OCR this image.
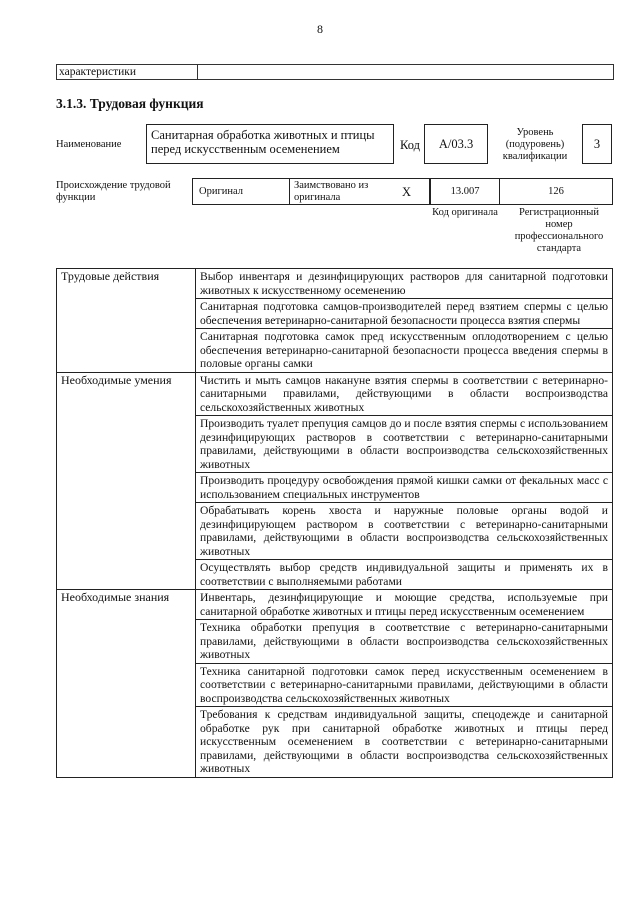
8
характеристики
3.1.3. Трудовая функция
Наименование
Санитарная обработка животных и птицы перед искусственным осеменением	Код	А/03.3
Уровень (подуровень) квалификации
3
Происхождение трудовой функции
Оригинал
Заимствовано из оригинала	X	13.007	126
Код оригинала	Регистрационный номер профессионального стандарта
Трудовые действия	Выбор инвентаря и дезинфицирующих растворов для санитарной подготовки животных к искусственному осеменению
	Санитарная подготовка самцов-производителей перед взятием спермы с целью обеспечения ветеринарно-санитарной безопасности процесса взятия спермы
	Санитарная подготовка самок пред искусственным оплодотворением с целью обеспечения ветеринарно-санитарной безопасности процесса введения спермы в половые органы самки
Необходимые умения	Чистить и мыть самцов накануне взятия спермы в соответствии с ветеринарно-санитарными правилами, действующими в области воспроизводства сельскохозяйственных животных
	Производить туалет препуция самцов до и после взятия спермы с использованием дезинфицирующих растворов в соответствии с ветеринарно-санитарными правилами, действующими в области воспроизводства сельскохозяйственных животных
	Производить процедуру освобождения прямой кишки самки от фекальных масс с использованием специальных инструментов
	Обрабатывать корень хвоста и наружные половые органы водой и дезинфицирующем раствором в соответствии с ветеринарно-санитарными правилами, действующими в области воспроизводства сельскохозяйственных животных
	Осуществлять выбор средств индивидуальной защиты и применять их в соответствии с выполняемыми работами
Необходимые знания	Инвентарь, дезинфицирующие и моющие средства, используемые при санитарной обработке животных и птицы перед искусственным осеменением
	Техника обработки препуция в соответствие с ветеринарно-санитарными правилами, действующими в области воспроизводства сельскохозяйственных животных
	Техника санитарной подготовки самок перед искусственным осеменением в соответствии с ветеринарно-санитарными правилами, действующими в области воспроизводства сельскохозяйственных животных
	Требования к средствам индивидуальной защиты, спецодежде и санитарной обработке рук при санитарной обработке животных и птицы перед искусственным осеменением в соответствии с ветеринарно-санитарными правилами, действующими в области воспроизводства сельскохозяйственных животных
